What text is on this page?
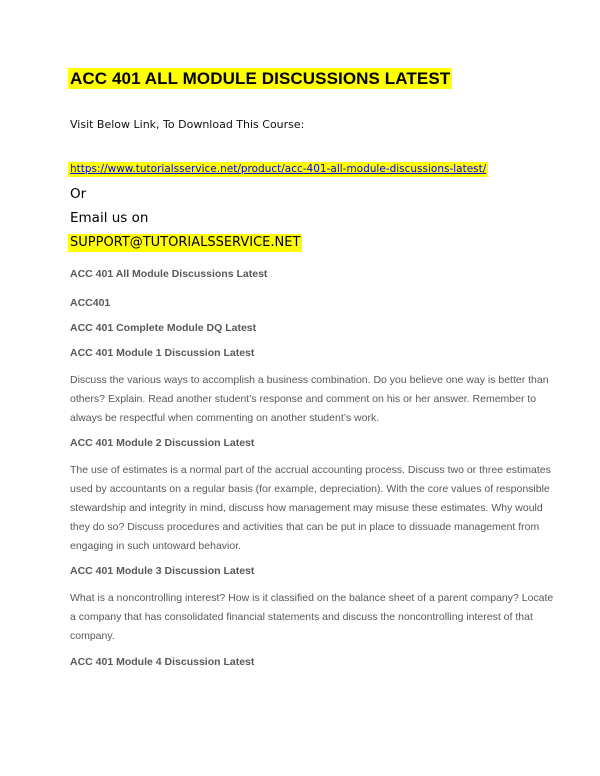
ACC 401 ALL MODULE DISCUSSIONS LATEST
Visit Below Link, To Download This Course:
https://www.tutorialsservice.net/product/acc-401-all-module-discussions-latest/
Or
Email us on
SUPPORT@TUTORIALSSERVICE.NET
ACC 401 All Module Discussions Latest
ACC401
ACC 401 Complete Module DQ Latest
ACC 401 Module 1 Discussion Latest
Discuss the various ways to accomplish a business combination. Do you believe one way is better than
others? Explain. Read another student’s response and comment on his or her answer. Remember to
always be respectful when commenting on another student’s work.
ACC 401 Module 2 Discussion Latest
The use of estimates is a normal part of the accrual accounting process. Discuss two or three estimates
used by accountants on a regular basis (for example, depreciation). With the core values of responsible
stewardship and integrity in mind, discuss how management may misuse these estimates. Why would
they do so? Discuss procedures and activities that can be put in place to dissuade management from
engaging in such untoward behavior.
ACC 401 Module 3 Discussion Latest
What is a noncontrolling interest? How is it classified on the balance sheet of a parent company? Locate
a company that has consolidated financial statements and discuss the noncontrolling interest of that
company.
ACC 401 Module 4 Discussion Latest
